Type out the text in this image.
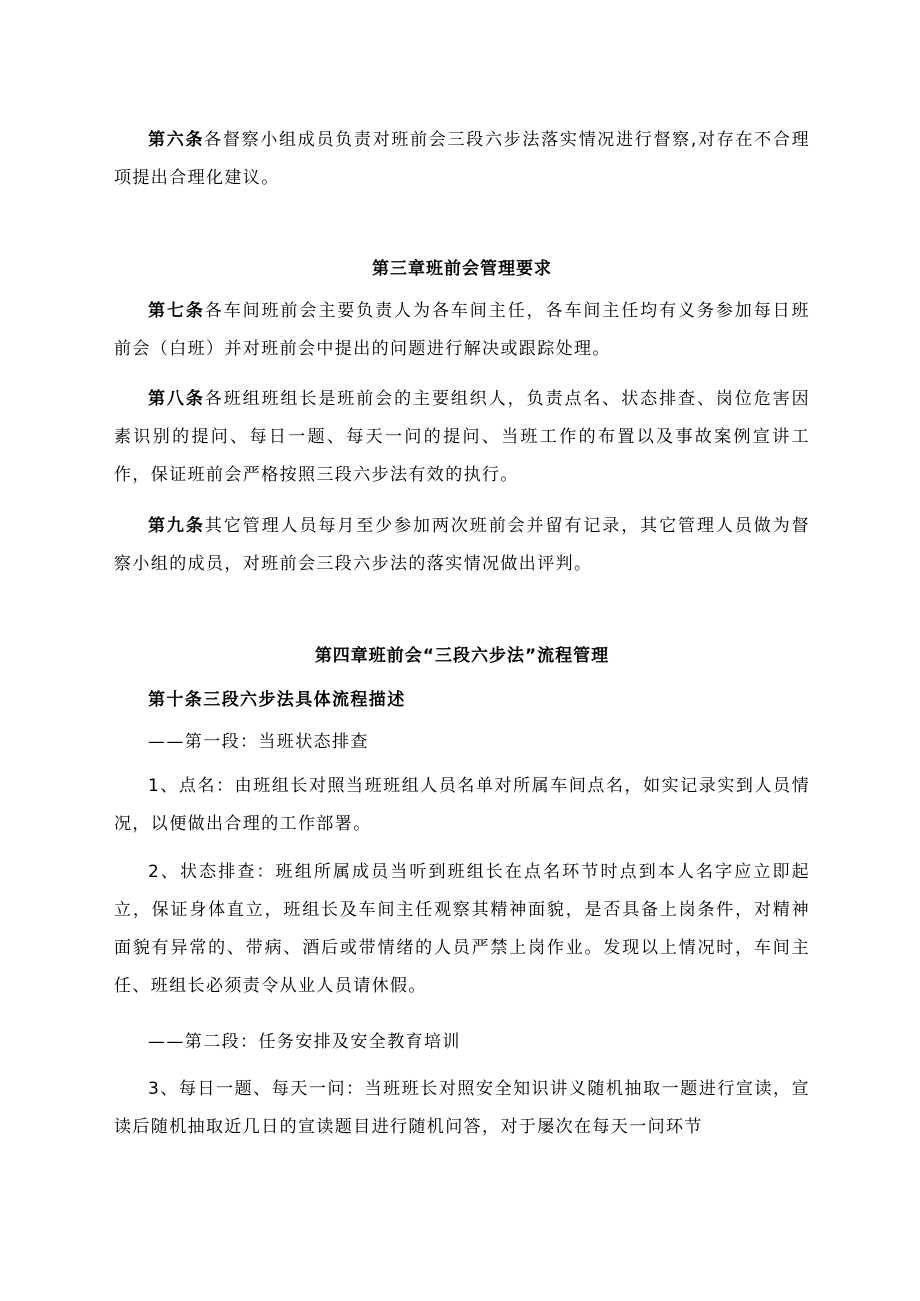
第六条各督察小组成员负责对班前会三段六步法落实情况进行督察,对存在不合理项提出合理化建议。

第三章班前会管理要求

第七条各车间班前会主要负责人为各车间主任，各车间主任均有义务参加每日班前会（白班）并对班前会中提出的问题进行解决或跟踪处理。

第八条各班组班组长是班前会的主要组织人，负责点名、状态排查、岗位危害因素识别的提问、每日一题、每天一问的提问、当班工作的布置以及事故案例宣讲工作，保证班前会严格按照三段六步法有效的执行。

第九条其它管理人员每月至少参加两次班前会并留有记录，其它管理人员做为督察小组的成员，对班前会三段六步法的落实情况做出评判。

第四章班前会“三段六步法”流程管理

第十条三段六步法具体流程描述

——第一段：当班状态排查

1、点名：由班组长对照当班班组人员名单对所属车间点名，如实记录实到人员情况，以便做出合理的工作部署。

2、状态排查：班组所属成员当听到班组长在点名环节时点到本人名字应立即起立，保证身体直立，班组长及车间主任观察其精神面貌，是否具备上岗条件，对精神面貌有异常的、带病、酒后或带情绪的人员严禁上岗作业。发现以上情况时，车间主任、班组长必须责令从业人员请休假。

——第二段：任务安排及安全教育培训

3、每日一题、每天一问：当班班长对照安全知识讲义随机抽取一题进行宣读，宣读后随机抽取近几日的宣读题目进行随机问答，对于屡次在每天一问环节
